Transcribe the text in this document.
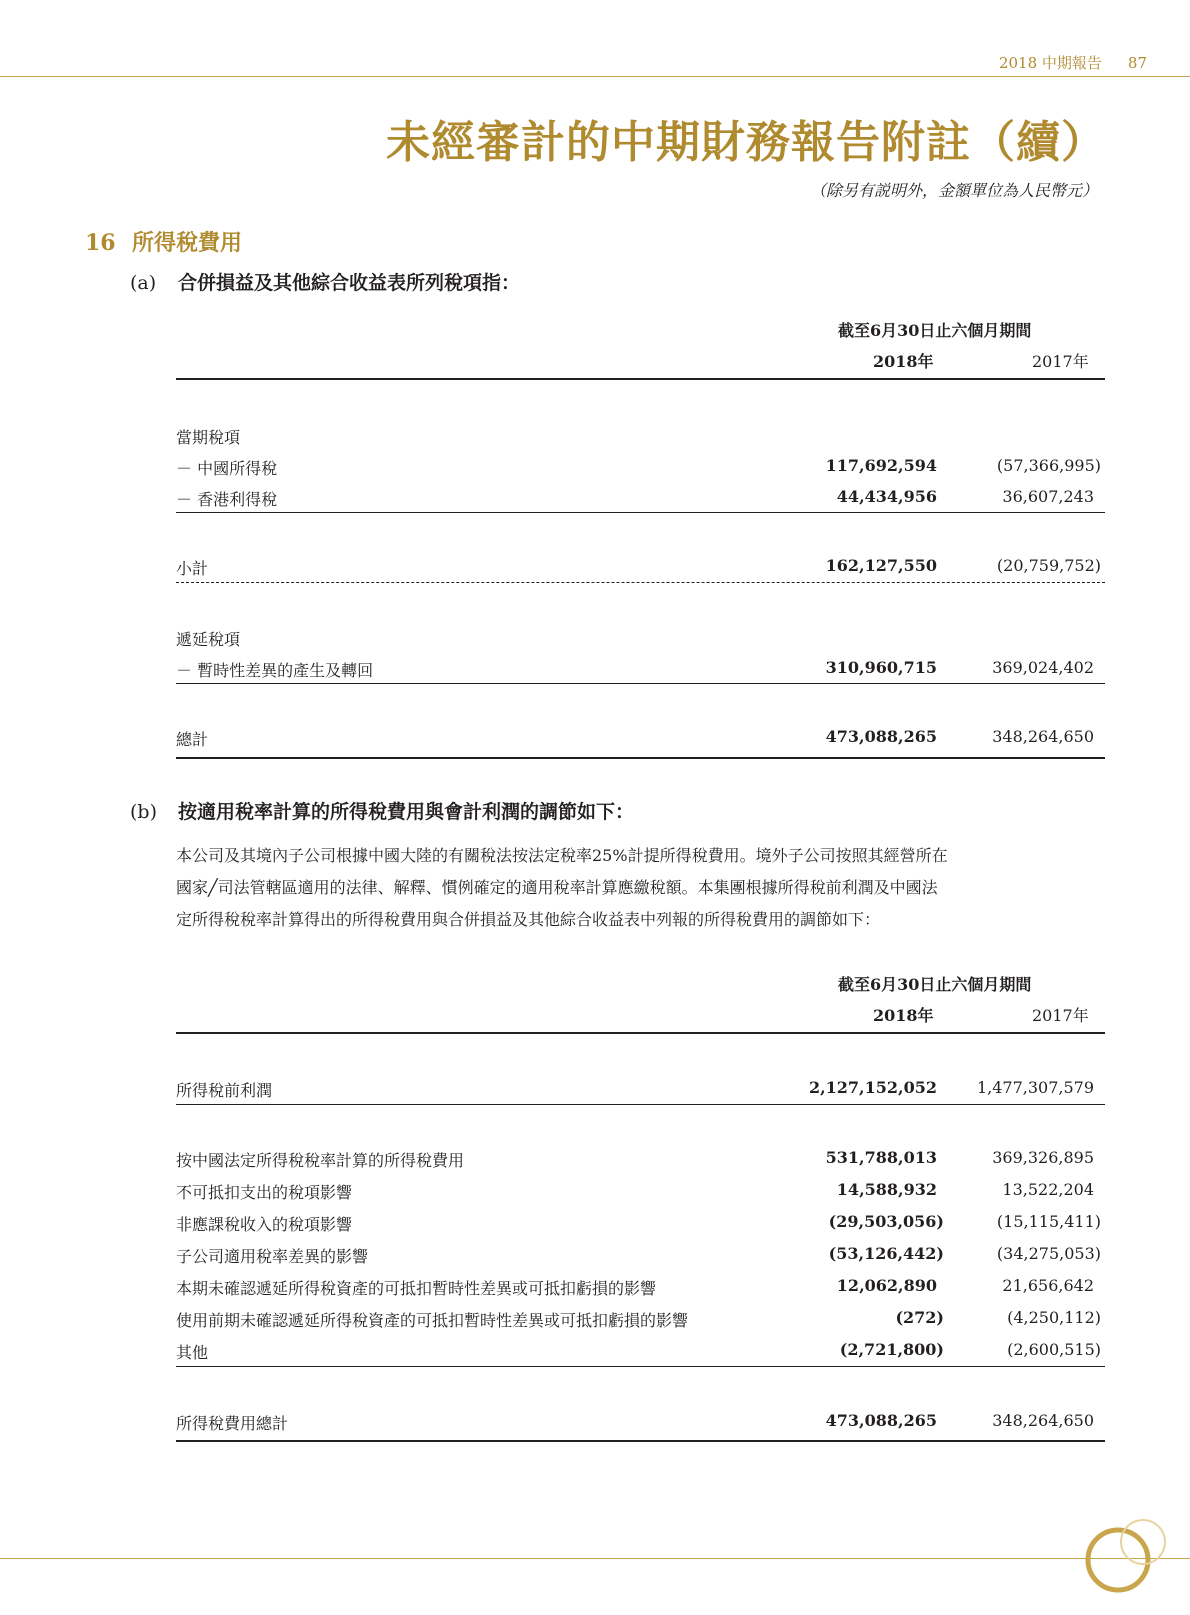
2018 中期報告 87
未經審計的中期財務報告附註（續）
（除另有説明外，金額單位為人民幣元）
16 所得稅費用
(a) 合併損益及其他綜合收益表所列稅項指：
截至6月30日止六個月期間
2018年	2017年
當期稅項
－ 中國所得稅	117,692,594	(57,366,995)
－ 香港利得稅	44,434,956	36,607,243
小計	162,127,550	(20,759,752)
遞延稅項
－ 暫時性差異的產生及轉回	310,960,715	369,024,402
總計	473,088,265	348,264,650
(b) 按適用稅率計算的所得稅費用與會計利潤的調節如下：

本公司及其境內子公司根據中國大陸的有關稅法按法定稅率25%計提所得稅費用。境外子公司按照其經營所在

國家╱司法管轄區適用的法律、解釋、慣例確定的適用稅率計算應繳稅額。本集團根據所得稅前利潤及中國法

定所得稅稅率計算得出的所得稅費用與合併損益及其他綜合收益表中列報的所得稅費用的調節如下：

截至6月30日止六個月期間
2018年	2017年
所得稅前利潤	2,127,152,052 1,477,307,579
按中國法定所得稅稅率計算的所得稅費用	531,788,013	369,326,895
不可抵扣支出的稅項影響	14,588,932	13,522,204
非應課稅收入的稅項影響	(29,503,056)	(15,115,411)
子公司適用稅率差異的影響	(53,126,442)	(34,275,053)
本期未確認遞延所得稅資產的可抵扣暫時性差異或可抵扣虧損的影響	12,062,890	21,656,642
使用前期未確認遞延所得稅資產的可抵扣暫時性差異或可抵扣虧損的影響	(272)	(4,250,112)
其他	(2,721,800)	(2,600,515)
所得稅費用總計	473,088,265	348,264,650
